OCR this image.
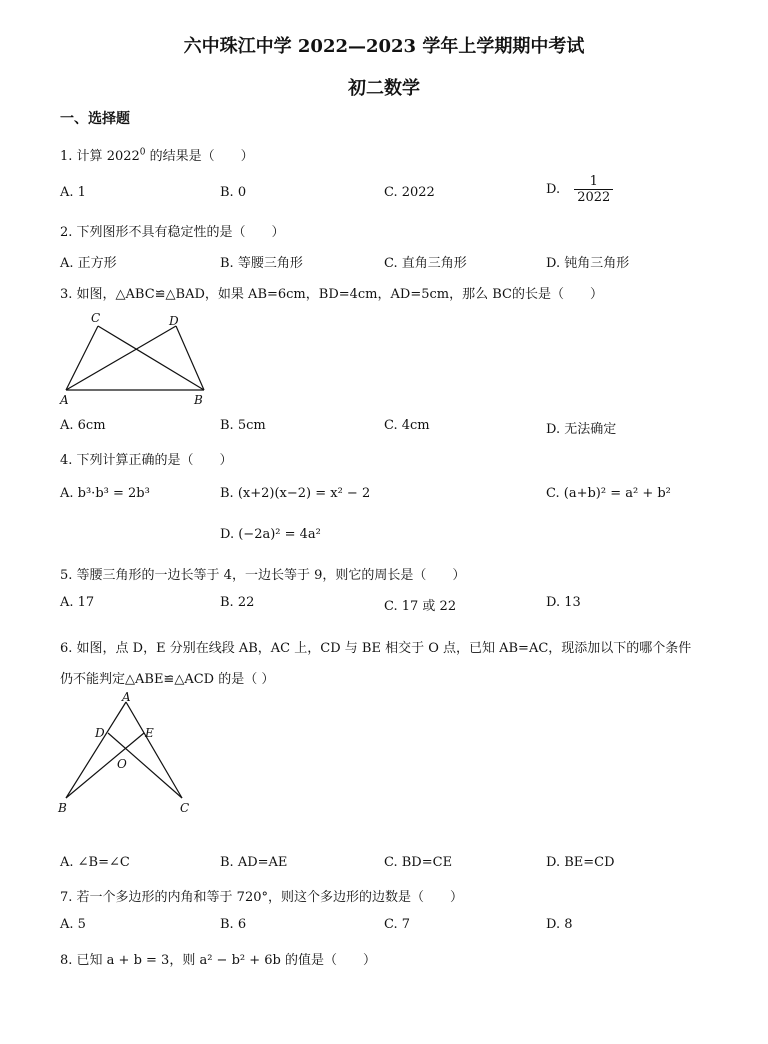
六中珠江中学 2022—2023 学年上学期期中考试
初二数学
一、选择题
1. 计算 2022$^0$ 的结果是（　　）
A. 1	B. 0	C. 2022	D. $\frac{1}{2022}$
2. 下列图形不具有稳定性的是（　　）
A. 正方形	B. 等腰三角形	C. 直角三角形	D. 钝角三角形
3. 如图，△ABC≌△BAD，如果 AB=6cm，BD=4cm，AD=5cm，那么 BC的长是（　　）
C	D
A	B
A. 6cm	B. 5cm	C. 4cm	D. 无法确定
4. 下列计算正确的是（　　）
A. b³·b³ = 2b³	B. (x+2)(x−2) = x² − 2	C. (a+b)² = a² + b²
D. (−2a)² = 4a²
5. 等腰三角形的一边长等于 4，一边长等于 9，则它的周长是（　　）
A. 17	B. 22	C. 17 或 22	D. 13
6. 如图，点 D，E 分别在线段 AB，AC 上，CD 与 BE 相交于 O 点，已知 AB=AC，现添加以下的哪个条件
仍不能判定△ABE≌△ACD 的是（ ）
A
D	E
O
B	C
A. ∠B=∠C	B. AD=AE	C. BD=CE	D. BE=CD
7. 若一个多边形的内角和等于 720°，则这个多边形的边数是（　　）
A. 5	B. 6	C. 7	D. 8
8. 已知 a + b = 3，则 a² − b² + 6b 的值是（　　）
